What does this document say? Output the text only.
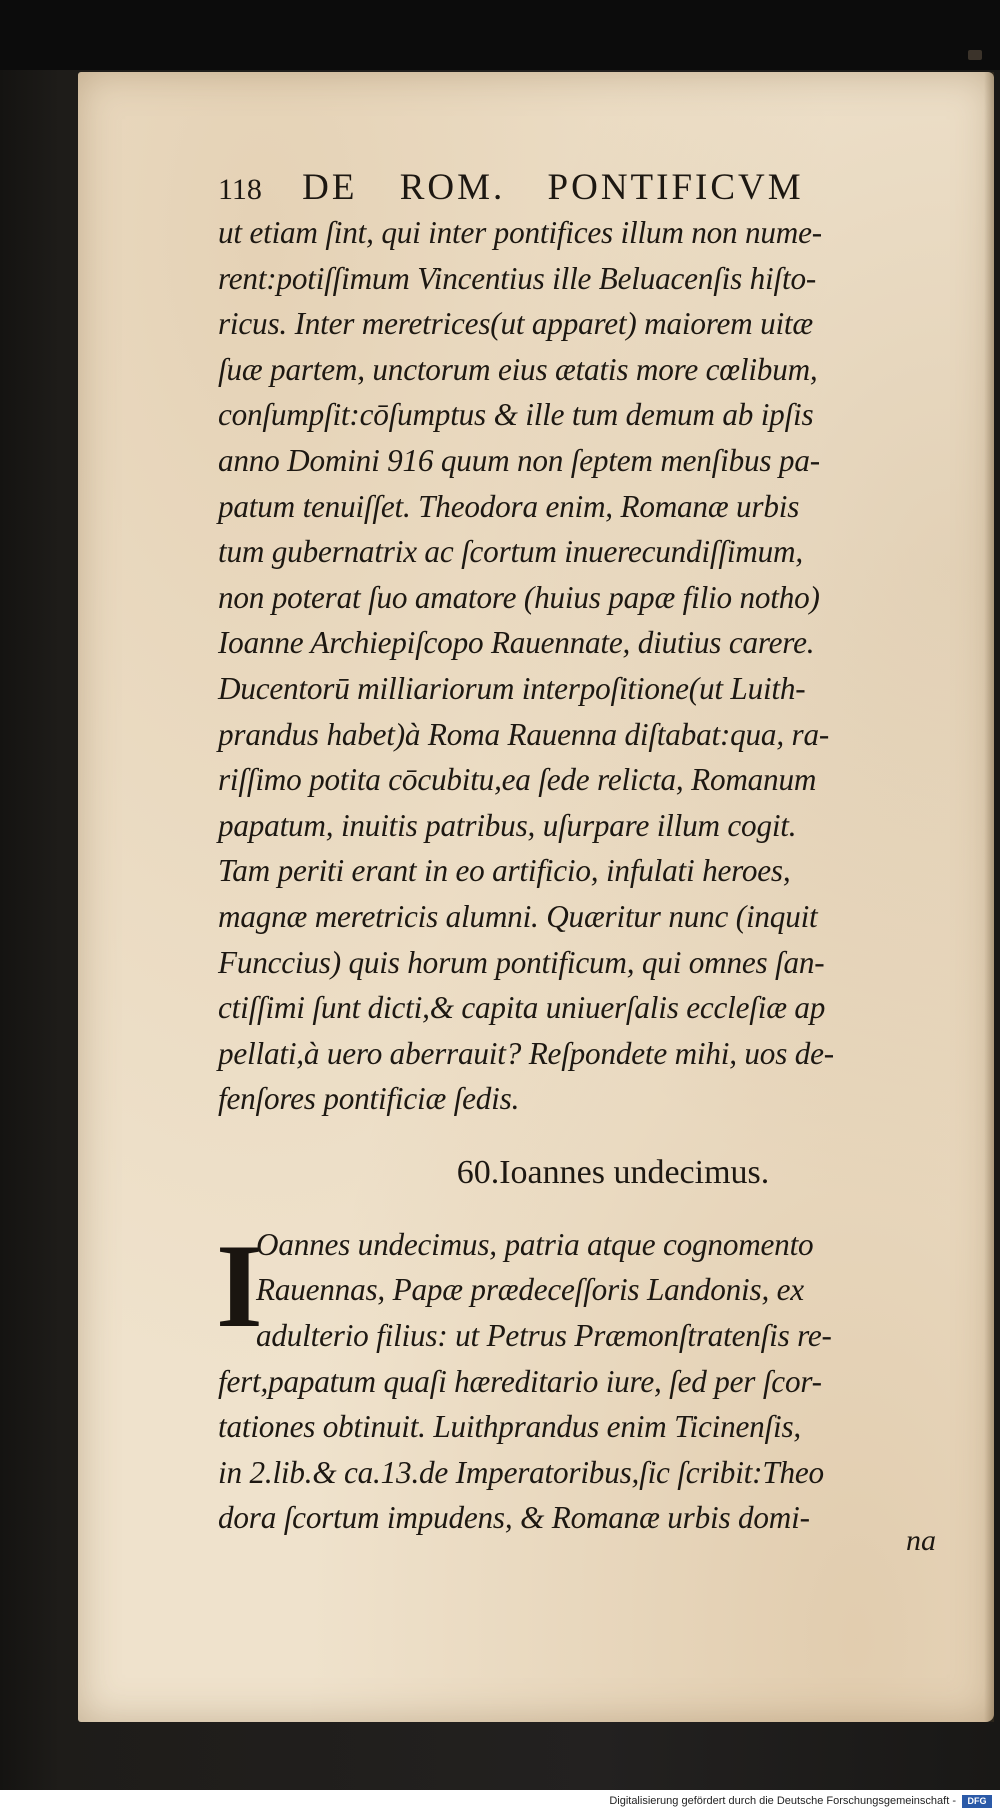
118 DE ROM. PONTIFICVM
ut etiam ſint, qui inter pontifices illum non nume-
rent:potiſſimum Vincentius ille Beluacenſis hiſto-
ricus. Inter meretrices(ut apparet) maiorem uitæ
ſuæ partem, unctorum eius ætatis more cœlibum,
conſumpſit:cōſumptus & ille tum demum ab ipſis
anno Domini 916 quum non ſeptem menſibus pa-
patum tenuiſſet. Theodora enim, Romanæ urbis
tum gubernatrix ac ſcortum inuerecundiſſimum,
non poterat ſuo amatore (huius papæ filio notho)
Ioanne Archiepiſcopo Rauennate, diutius carere.
Ducentorū milliariorum interpoſitione(ut Luith-
prandus habet)à Roma Rauenna diſtabat:qua, ra-
riſſimo potita cōcubitu,ea ſede relicta, Romanum
papatum, inuitis patribus, uſurpare illum cogit.
Tam periti erant in eo artificio, infulati heroes,
magnæ meretricis alumni. Quæritur nunc (inquit
Funccius) quis horum pontificum, qui omnes ſan-
ctiſſimi ſunt dicti,& capita uniuerſalis eccleſiæ ap
pellati,à uero aberrauit? Reſpondete mihi, uos de-
fenſores pontificiæ ſedis.
60.Ioannes undecimus.
I
Oannes undecimus, patria atque cognomento
Rauennas, Papæ prædeceſſoris Landonis, ex
adulterio filius: ut Petrus Præmonſtratenſis re-
fert,papatum quaſi hæreditario iure, ſed per ſcor-
tationes obtinuit. Luithprandus enim Ticinenſis,
in 2.lib.& ca.13.de Imperatoribus,ſic ſcribit:Theo
dora ſcortum impudens, & Romanæ urbis domi-
na
Digitalisierung gefördert durch die Deutsche Forschungsgemeinschaft -	DFG
